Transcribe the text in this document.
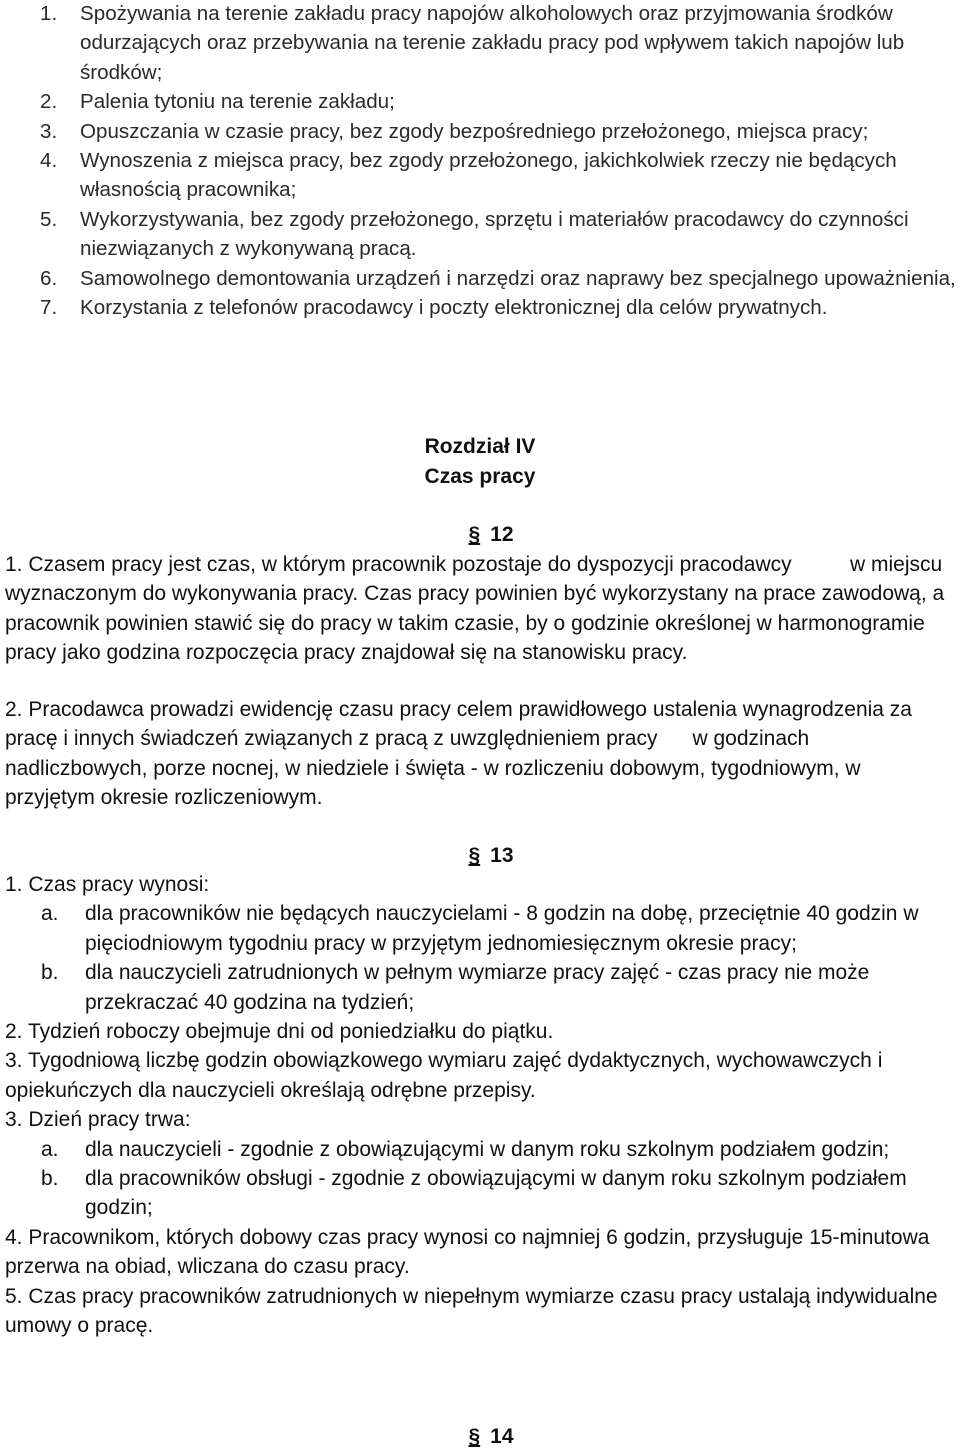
1. Spożywania na terenie zakładu pracy napojów alkoholowych oraz przyjmowania środków odurzających oraz przebywania na terenie zakładu pracy pod wpływem takich napojów lub środków;

2. Palenia tytoniu na terenie zakładu;

3. Opuszczania w czasie pracy, bez zgody bezpośredniego przełożonego, miejsca pracy;

4. Wynoszenia z miejsca pracy, bez zgody przełożonego, jakichkolwiek rzeczy nie będących własnością pracownika;

5. Wykorzystywania, bez zgody przełożonego, sprzętu i materiałów pracodawcy do czynności niezwiązanych z wykonywaną pracą.

6. Samowolnego demontowania urządzeń i narzędzi oraz naprawy bez specjalnego upoważnienia,

7. Korzystania z telefonów pracodawcy i poczty elektronicznej dla celów prywatnych.

Rozdział IV
Czas pracy
§ 12

1. Czasem pracy jest czas, w którym pracownik pozostaje do dyspozycji pracodawcy          w miejscu wyznaczonym do wykonywania pracy. Czas pracy powinien być wykorzystany na prace zawodową, a pracownik powinien stawić się do pracy w takim czasie, by o godzinie określonej w harmonogramie pracy jako godzina rozpoczęcia pracy znajdował się na stanowisku pracy.

2. Pracodawca prowadzi ewidencję czasu pracy celem prawidłowego ustalenia wynagrodzenia za pracę i innych świadczeń związanych z pracą z uwzględnieniem pracy      w godzinach nadliczbowych, porze nocnej, w niedziele i święta - w rozliczeniu dobowym, tygodniowym, w przyjętym okresie rozliczeniowym.

§ 13

1. Czas pracy wynosi:

a. dla pracowników nie będących nauczycielami - 8 godzin na dobę, przeciętnie 40 godzin w pięciodniowym tygodniu pracy w przyjętym jednomiesięcznym okresie pracy;

b. dla nauczycieli zatrudnionych w pełnym wymiarze pracy zajęć - czas pracy nie może przekraczać 40 godzina na tydzień;

2. Tydzień roboczy obejmuje dni od poniedziałku do piątku.

3. Tygodniową liczbę godzin obowiązkowego wymiaru zajęć dydaktycznych, wychowawczych i opiekuńczych dla nauczycieli określają odrębne przepisy.

3. Dzień pracy trwa:

a. dla nauczycieli - zgodnie z obowiązującymi w danym roku szkolnym podziałem godzin;

b. dla pracowników obsługi - zgodnie z obowiązującymi w danym roku szkolnym podziałem godzin;

4. Pracownikom, których dobowy czas pracy wynosi co najmniej 6 godzin, przysługuje 15-minutowa przerwa na obiad, wliczana do czasu pracy.

5. Czas pracy pracowników zatrudnionych w niepełnym wymiarze czasu pracy ustalają indywidualne umowy o pracę.

§ 14
